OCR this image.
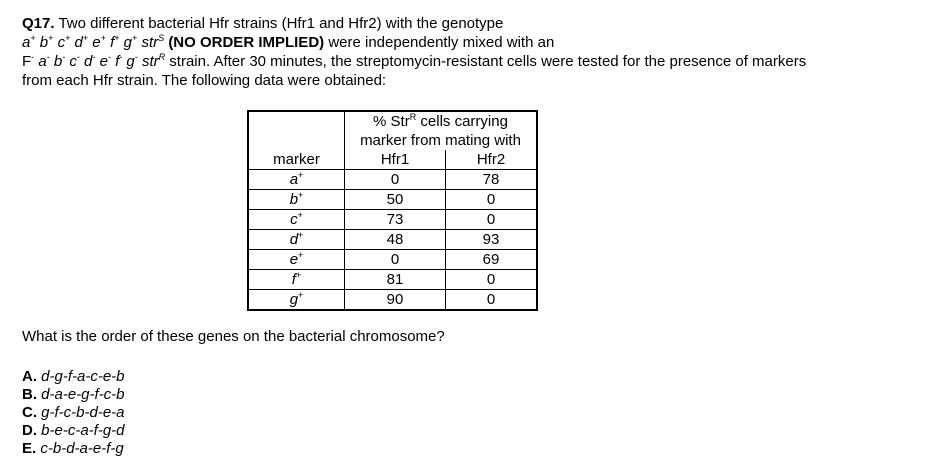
Q17. Two different bacterial Hfr strains (Hfr1 and Hfr2) with the genotype
a+ b+ c+ d+ e+ f+ g+ str$^S$ (NO ORDER IMPLIED) were independently mixed with an
F- a- b- c- d- e- f- g- str$^R$ strain. After 30 minutes, the streptomycin-resistant cells were tested for the presence of markers
from each Hfr strain. The following data were obtained:
	% Str$^R$ cells carrying	
	marker from mating with	
marker	Hfr1	Hfr2
a+	0	78
b+	50	0
c+	73	0
d+	48	93
e+	0	69
f+	81	0
g+	90	0
What is the order of these genes on the bacterial chromosome?
A. d-g-f-a-c-e-b
B. d-a-e-g-f-c-b
C. g-f-c-b-d-e-a
D. b-e-c-a-f-g-d
E. c-b-d-a-e-f-g
